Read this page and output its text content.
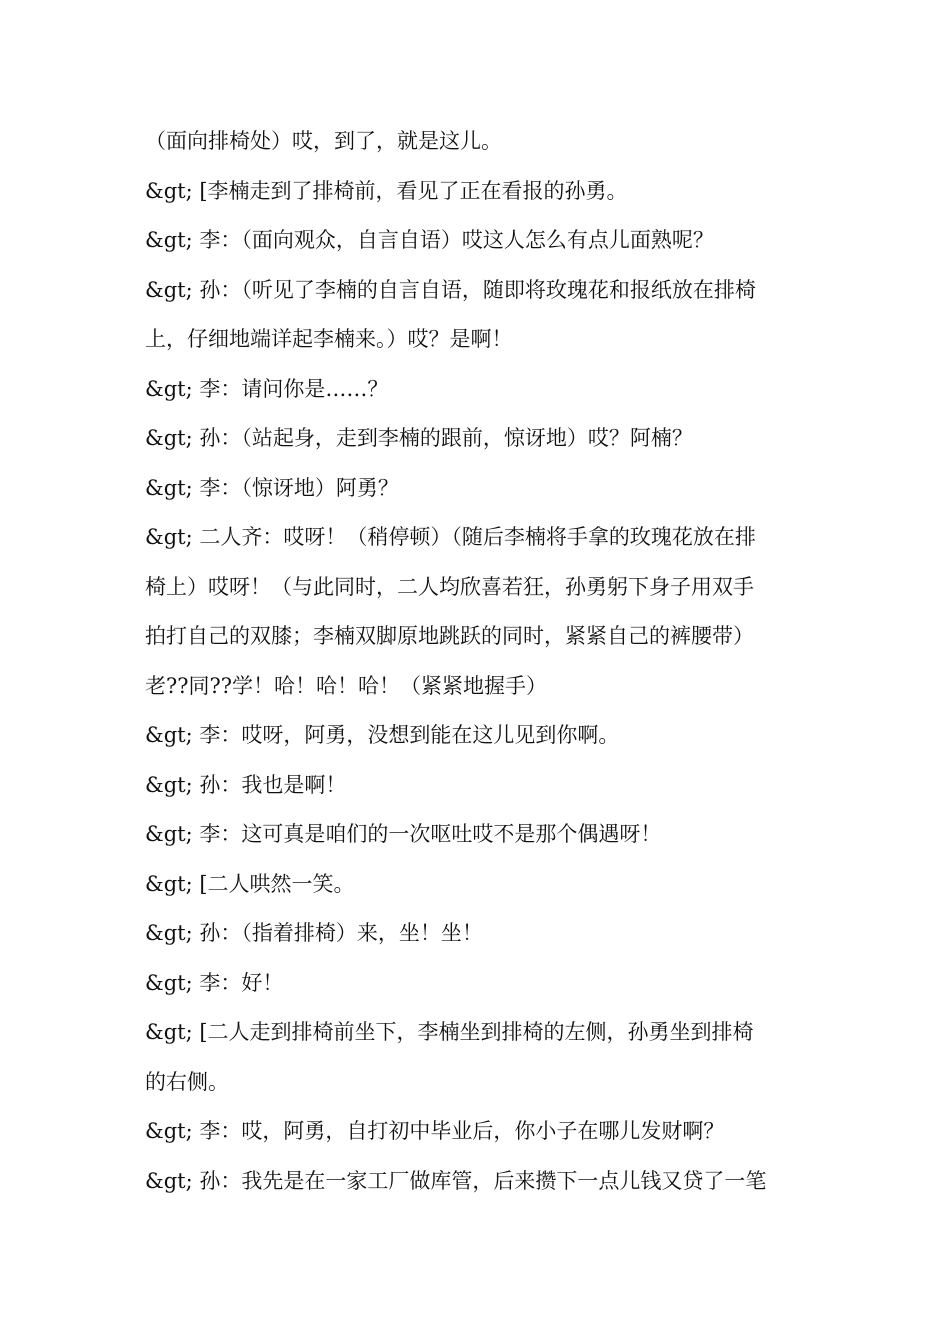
（面向排椅处）哎，到了，就是这儿。
&gt; [李楠走到了排椅前，看见了正在看报的孙勇。
&gt; 李：（面向观众，自言自语）哎这人怎么有点儿面熟呢？
&gt; 孙：（听见了李楠的自言自语，随即将玫瑰花和报纸放在排椅
上，仔细地端详起李楠来。）哎？是啊！
&gt; 李：请问你是……？
&gt; 孙：（站起身，走到李楠的跟前，惊讶地）哎？阿楠？
&gt; 李：（惊讶地）阿勇？
&gt; 二人齐：哎呀！（稍停顿）（随后李楠将手拿的玫瑰花放在排
椅上）哎呀！（与此同时，二人均欣喜若狂，孙勇躬下身子用双手
拍打自己的双膝；李楠双脚原地跳跃的同时，紧紧自己的裤腰带）
老??同??学！哈！哈！哈！（紧紧地握手）
&gt; 李：哎呀，阿勇，没想到能在这儿见到你啊。
&gt; 孙：我也是啊！
&gt; 李：这可真是咱们的一次呕吐哎不是那个偶遇呀！
&gt; [二人哄然一笑。
&gt; 孙：（指着排椅）来，坐！坐！
&gt; 李：好！
&gt; [二人走到排椅前坐下，李楠坐到排椅的左侧，孙勇坐到排椅
的右侧。
&gt; 李：哎，阿勇，自打初中毕业后，你小子在哪儿发财啊？
&gt; 孙：我先是在一家工厂做库管，后来攒下一点儿钱又贷了一笔
